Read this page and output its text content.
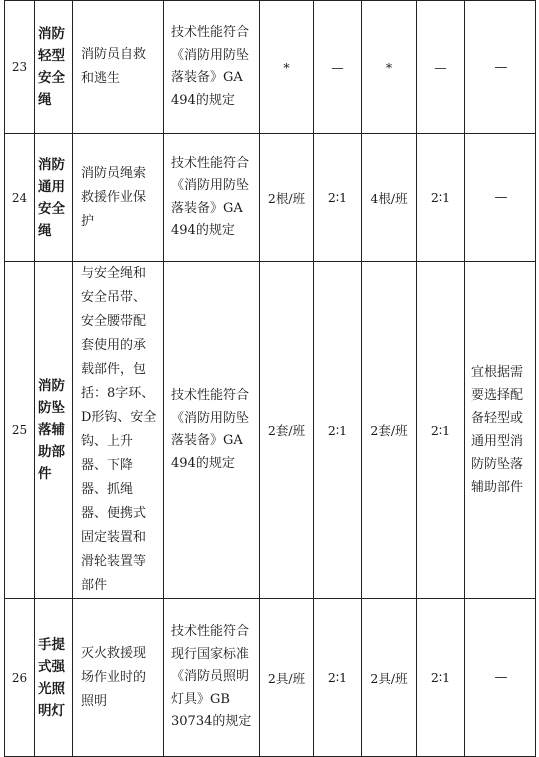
23	消防轻型安全绳	消防员自救和逃生	技术性能符合《消防用防坠落装备》GA 494的规定	*	—	*	—	—
24	消防通用安全绳	消防员绳索救援作业保护	技术性能符合《消防用防坠落装备》GA 494的规定	2根/班	2∶1	4根/班	2∶1	—
25	消防防坠落辅助部件	与安全绳和安全吊带、安全腰带配套使用的承载部件，包括：8字环、D形钩、安全钩、上升器、下降器、抓绳器、便携式固定装置和滑轮装置等部件	技术性能符合《消防用防坠落装备》GA 494的规定	2套/班	2∶1	2套/班	2∶1	宜根据需要选择配备轻型或通用型消防防坠落辅助部件
26	手提式强光照明灯	灭火救援现场作业时的照明	技术性能符合现行国家标准《消防员照明灯具》GB 30734的规定	2具/班	2∶1	2具/班	2∶1	—
